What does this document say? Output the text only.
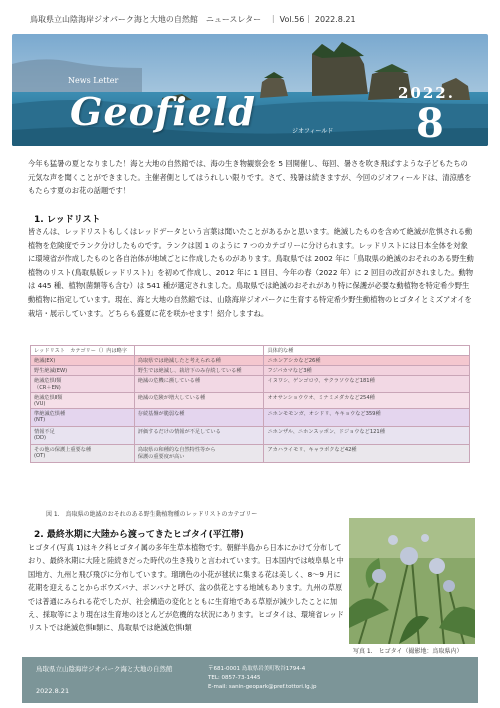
鳥取県立山陰海岸ジオパーク海と大地の自然館　ニュースレター　｜ Vol.56｜ 2022.8.21
News Letter
Geofield	ジオフィールド
2022.
8
今年も猛暑の夏となりました！海と大地の自然館では、海の生き物観察会を 5 回開催し、毎回、暑さを吹き飛ばすような子どもたちの元気な声を聞くことができました。主催者側としてはうれしい限りです。さて、残暑は続きますが、今回のジオフィールドは、清涼感をもたらす夏のお花の話題です！
1. レッドリスト
皆さんは、レッドリストもしくはレッドデータという言葉は聞いたことがあるかと思います。絶滅したものを含めて絶滅が危惧される動植物を危険度でランク分けしたものです。ランクは図 1 のように 7 つのカテゴリーに分けられます。レッドリストには日本全体を対象に環境省が作成したものと各自治体が地域ごとに作成したものがあります。鳥取県では 2002 年に「鳥取県の絶滅のおそれのある野生動植物のリスト(鳥取県版レッドリスト)」を初めて作成し、2012 年に 1 回目、今年の春（2022 年）に 2 回目の改訂がされました。動物は 445 種、植物(菌類等も含む）は 541 種が選定されました。鳥取県では絶滅のおそれがあり特に保護が必要な動植物を特定希少野生動植物に指定しています。現在、海と大地の自然館では、山陰海岸ジオパークに生育する特定希少野生動植物のヒゴタイとミズアオイを栽培・展示しています。どちらも盛夏に花を咲かせます！紹介しますね。
レッドリスト　カテゴリー（）内は略字		具体的な種
絶滅(EX)	鳥取県では絶滅したと考えられる種	ニホンアシカなど26種
野生絶滅(EW)	野生では絶滅し、栽培下のみ存続している種	フジバカマなど3種
絶滅危惧Ⅰ類
（CR＋EN)	絶滅の危機に瀕している種	イヌワシ、ゲンゴロウ、サクラソウなど181種
絶滅危惧Ⅱ類
(VU)	絶滅の危険が増大している種	オオサンショウウオ、ミナミメダカなど254種
準絶滅危惧種
(NT)	存続基盤が脆弱な種	ニホンモモンガ、オシドリ、キキョウなど359種
情報不足
(DD)	評価するだけの情報が不足している	ニホンザル、ニホンスッポン、ドジョウなど121種
その他の保護上重要な種
(OT)	鳥取県の和種的な自然特性等から
保護の重要度が高い	アカハライモリ、キャラボクなど42種
図 1.　鳥取県の絶滅のおそれのある野生動植物種のレッドリストのカテゴリー
2. 最終氷期に大陸から渡ってきたヒゴタイ(平江帯)
ヒゴタイ(写真 1)はキク科ヒゴタイ属の多年生草本植物です。朝鮮半島から日本にかけて分布しており、最終氷期に大陸と陸続きだった時代の生き残りと言われています。日本国内では岐阜県と中国地方、九州と飛び飛びに分布しています。瑠璃色の小花が毬状に集まる花は美しく、8～9 月に花期を迎えることからボウズバナ、ボンバナと呼び、盆の供花とする地域もあります。九州の草原では普通にみられる花でしたが、社会構造の変化とともに生育地である草原が減少したことに加え、採取等により現在は生育地のほとんどが危機的な状況にあります。ヒゴタイは、環境省レッドリストでは絶滅危惧Ⅱ類に、鳥取県では絶滅危惧Ⅰ類
写真 1.　ヒゴタイ（撮影地：鳥取県内）
鳥取県立山陰海岸ジオパーク海と大地の自然館
2022.8.21
〒681-0001 鳥取県岩美町牧谷1794-4
TEL: 0857-73-1445
E-mail: sanin-geopark@pref.tottori.lg.jp
